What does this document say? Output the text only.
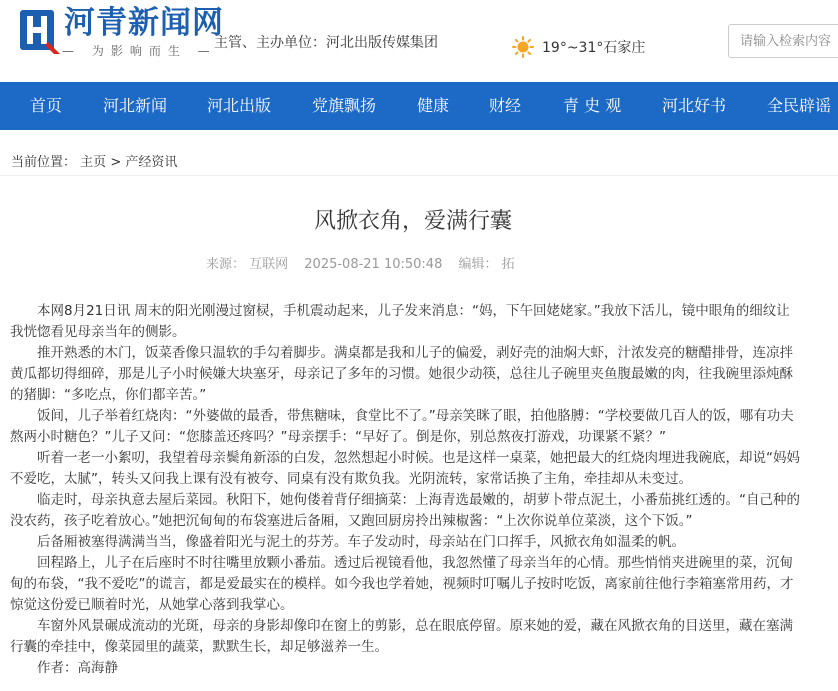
河青新闻网
— 为影响而生 —
主管、主办单位：河北出版传媒集团	19°~31°石家庄
请输入检索内容
首页	河北新闻 河北出版	党旗飘扬	健康 财经	青 史 观	河北好书	全民辟谣
当前位置： 主页 > 产经资讯
风掀衣角，爱满行囊
来源： 互联网 2025-08-21 10:50:48 编辑： 拓

本网8月21日讯 周末的阳光刚漫过窗棂，手机震动起来，儿子发来消息：“妈，下午回姥姥家。”我放下活儿，镜中眼角的细纹让我恍惚看见母亲当年的侧影。

推开熟悉的木门，饭菜香像只温软的手勾着脚步。满桌都是我和儿子的偏爱，剥好壳的油焖大虾，汁浓发亮的糖醋排骨，连凉拌黄瓜都切得细碎，那是儿子小时候嫌大块塞牙，母亲记了多年的习惯。她很少动筷，总往儿子碗里夹鱼腹最嫩的肉，往我碗里添炖酥的猪脚：“多吃点，你们都辛苦。”

饭间，儿子举着红烧肉：“外婆做的最香，带焦糖味，食堂比不了。”母亲笑眯了眼，拍他胳膊：“学校要做几百人的饭，哪有功夫熬两小时糖色？”儿子又问：“您膝盖还疼吗？”母亲摆手：“早好了。倒是你，别总熬夜打游戏，功课紧不紧？”

听着一老一小絮叨，我望着母亲鬓角新添的白发，忽然想起小时候。也是这样一桌菜，她把最大的红烧肉埋进我碗底，却说“妈妈不爱吃，太腻”，转头又问我上课有没有被夸、同桌有没有欺负我。光阴流转，家常话换了主角，牵挂却从未变过。

临走时，母亲执意去屋后菜园。秋阳下，她佝偻着背仔细摘菜：上海青选最嫩的，胡萝卜带点泥土，小番茄挑红透的。“自己种的没农药，孩子吃着放心。”她把沉甸甸的布袋塞进后备厢，又跑回厨房拎出辣椒酱：“上次你说单位菜淡，这个下饭。”

后备厢被塞得满满当当，像盛着阳光与泥土的芬芳。车子发动时，母亲站在门口挥手，风掀衣角如温柔的帆。

回程路上，儿子在后座时不时往嘴里放颗小番茄。透过后视镜看他，我忽然懂了母亲当年的心情。那些悄悄夹进碗里的菜，沉甸甸的布袋，“我不爱吃”的谎言，都是爱最实在的模样。如今我也学着她，视频时叮嘱儿子按时吃饭，离家前往他行李箱塞常用药，才惊觉这份爱已顺着时光，从她掌心落到我掌心。

车窗外风景碾成流动的光斑，母亲的身影却像印在窗上的剪影，总在眼底停留。原来她的爱，藏在风掀衣角的目送里，藏在塞满行囊的牵挂中，像菜园里的蔬菜，默默生长，却足够滋养一生。

作者：高海静
